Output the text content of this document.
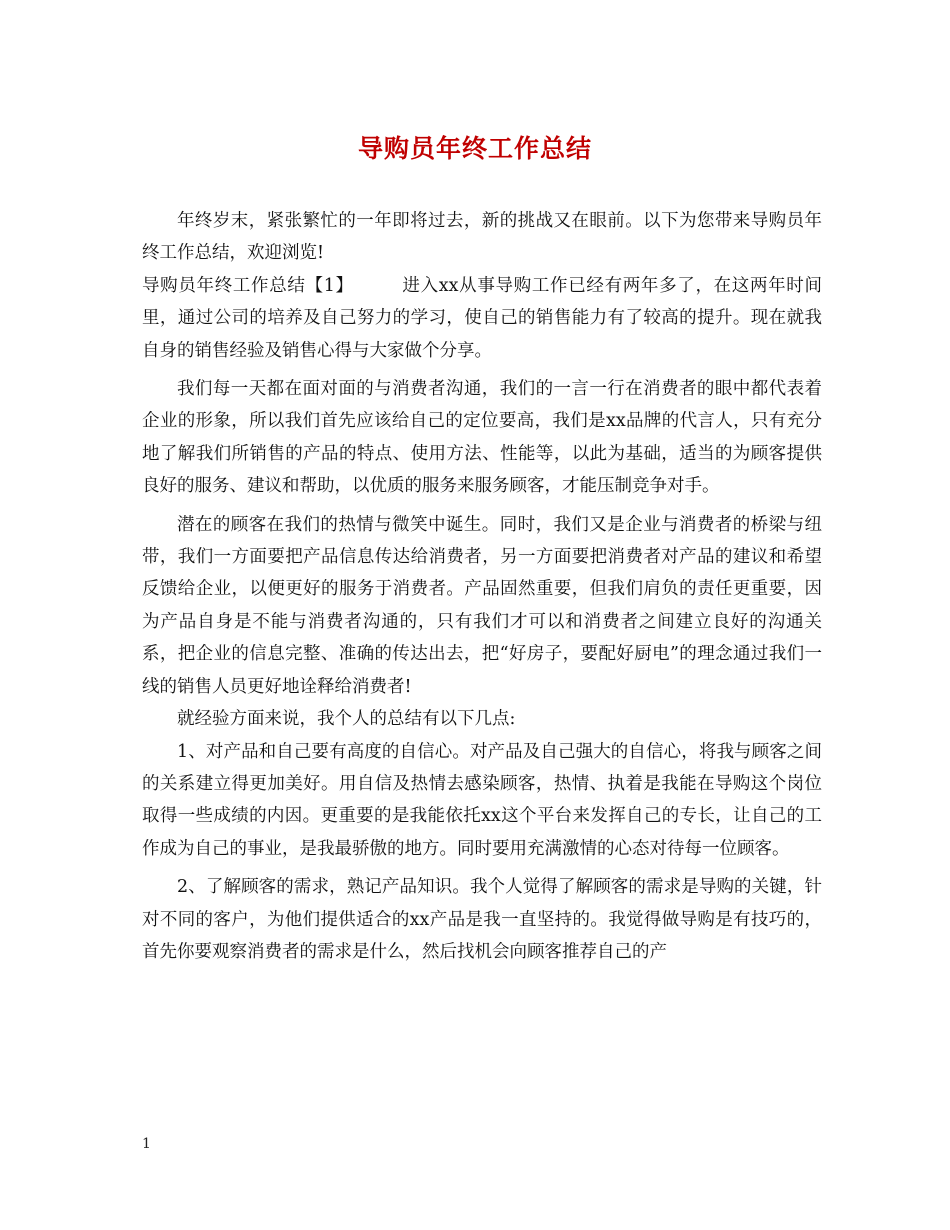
导购员年终工作总结

年终岁末，紧张繁忙的一年即将过去，新的挑战又在眼前。以下为您带来导购员年终工作总结，欢迎浏览!

导购员年终工作总结【1】	进入xx从事导购工作已经有两年多了，在这两年时间里，通过公司的培养及自己努力的学习，使自己的销售能力有了较高的提升。现在就我自身的销售经验及销售心得与大家做个分享。

我们每一天都在面对面的与消费者沟通，我们的一言一行在消费者的眼中都代表着企业的形象，所以我们首先应该给自己的定位要高，我们是xx品牌的代言人，只有充分地了解我们所销售的产品的特点、使用方法、性能等，以此为基础，适当的为顾客提供良好的服务、建议和帮助，以优质的服务来服务顾客，才能压制竞争对手。

潜在的顾客在我们的热情与微笑中诞生。同时，我们又是企业与消费者的桥梁与纽带，我们一方面要把产品信息传达给消费者，另一方面要把消费者对产品的建议和希望反馈给企业，以便更好的服务于消费者。产品固然重要，但我们肩负的责任更重要，因为产品自身是不能与消费者沟通的，只有我们才可以和消费者之间建立良好的沟通关系，把企业的信息完整、准确的传达出去，把“好房子，要配好厨电”的理念通过我们一线的销售人员更好地诠释给消费者!

就经验方面来说，我个人的总结有以下几点:

1、对产品和自己要有高度的自信心。对产品及自己强大的自信心，将我与顾客之间的关系建立得更加美好。用自信及热情去感染顾客，热情、执着是我能在导购这个岗位取得一些成绩的内因。更重要的是我能依托xx这个平台来发挥自己的专长，让自己的工作成为自己的事业，是我最骄傲的地方。同时要用充满激情的心态对待每一位顾客。

2、了解顾客的需求，熟记产品知识。我个人觉得了解顾客的需求是导购的关键，针对不同的客户，为他们提供适合的xx产品是我一直坚持的。我觉得做导购是有技巧的，首先你要观察消费者的需求是什么，然后找机会向顾客推荐自己的产

1
